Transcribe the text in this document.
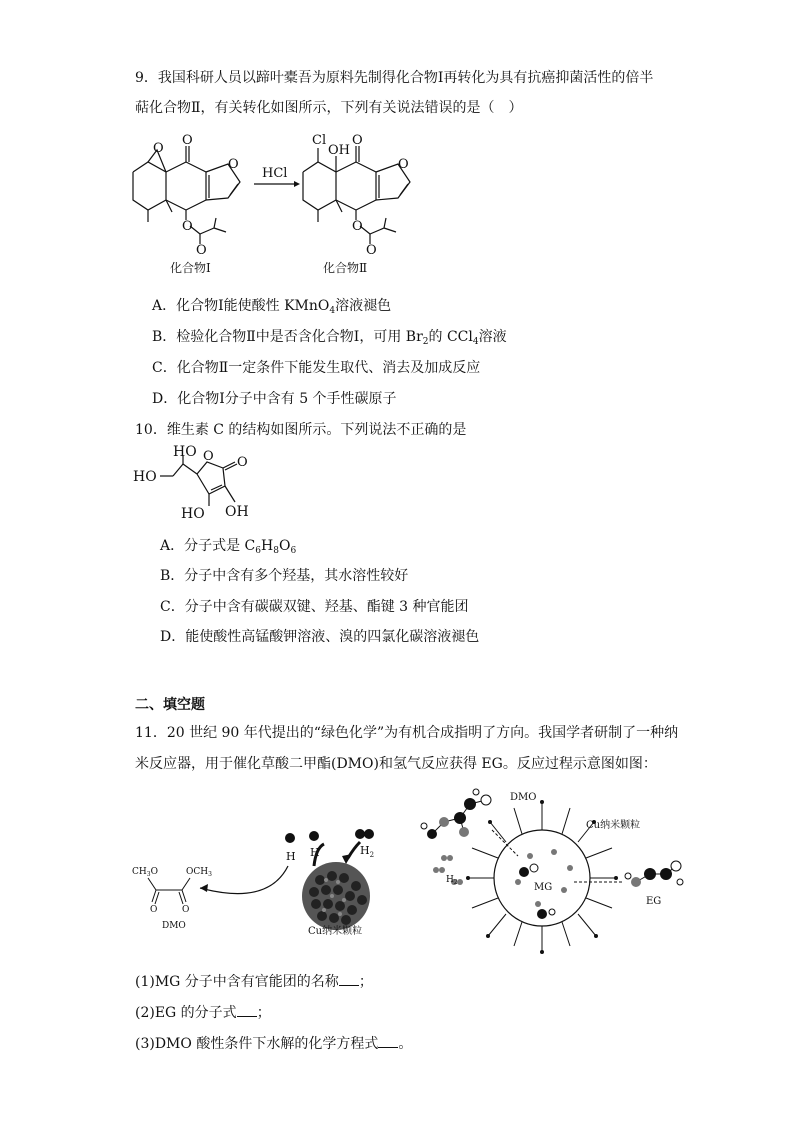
9．我国科研人员以蹄叶橐吾为原料先制得化合物Ⅰ再转化为具有抗癌抑菌活性的倍半
萜化合物Ⅱ，有关转化如图所示，下列有关说法错误的是（　）
O
O
O
O
O
HCl
Cl
OH
O
O
O
O
化合物Ⅰ	化合物Ⅱ
A．化合物Ⅰ能使酸性 KMnO$_4$溶液褪色
B．检验化合物Ⅱ中是否含化合物Ⅰ，可用 $Br_2$的 CCl$_4$溶液
C．化合物Ⅱ一定条件下能发生取代、消去及加成反应
D．化合物Ⅰ分子中含有 5 个手性碳原子
10．维生素 C 的结构如图所示。下列说法不正确的是
HO
HO O O
HO OH
A．分子式是 $C_6H_8O_6$
B．分子中含有多个羟基，其水溶性较好
C．分子中含有碳碳双键、羟基、酯键 3 种官能团
D．能使酸性高锰酸钾溶液、溴的四氯化碳溶液褪色
二、填空题
11．20 世纪 90 年代提出的“绿色化学”为有机合成指明了方向。我国学者研制了一种纳
米反应器，用于催化草酸二甲酯(DMO)和氢气反应获得 EG。反应过程示意图如图：
H H	$H_2$
Cu纳米颗粒
$CH_3O$	$OCH_3$
O	O
DMO
DMO
Cu纳米颗粒
$H_2$	MG
EG
(1)MG 分子中含有官能团的名称 ；
(2)EG 的分子式 ；
(3)DMO 酸性条件下水解的化学方程式 。
